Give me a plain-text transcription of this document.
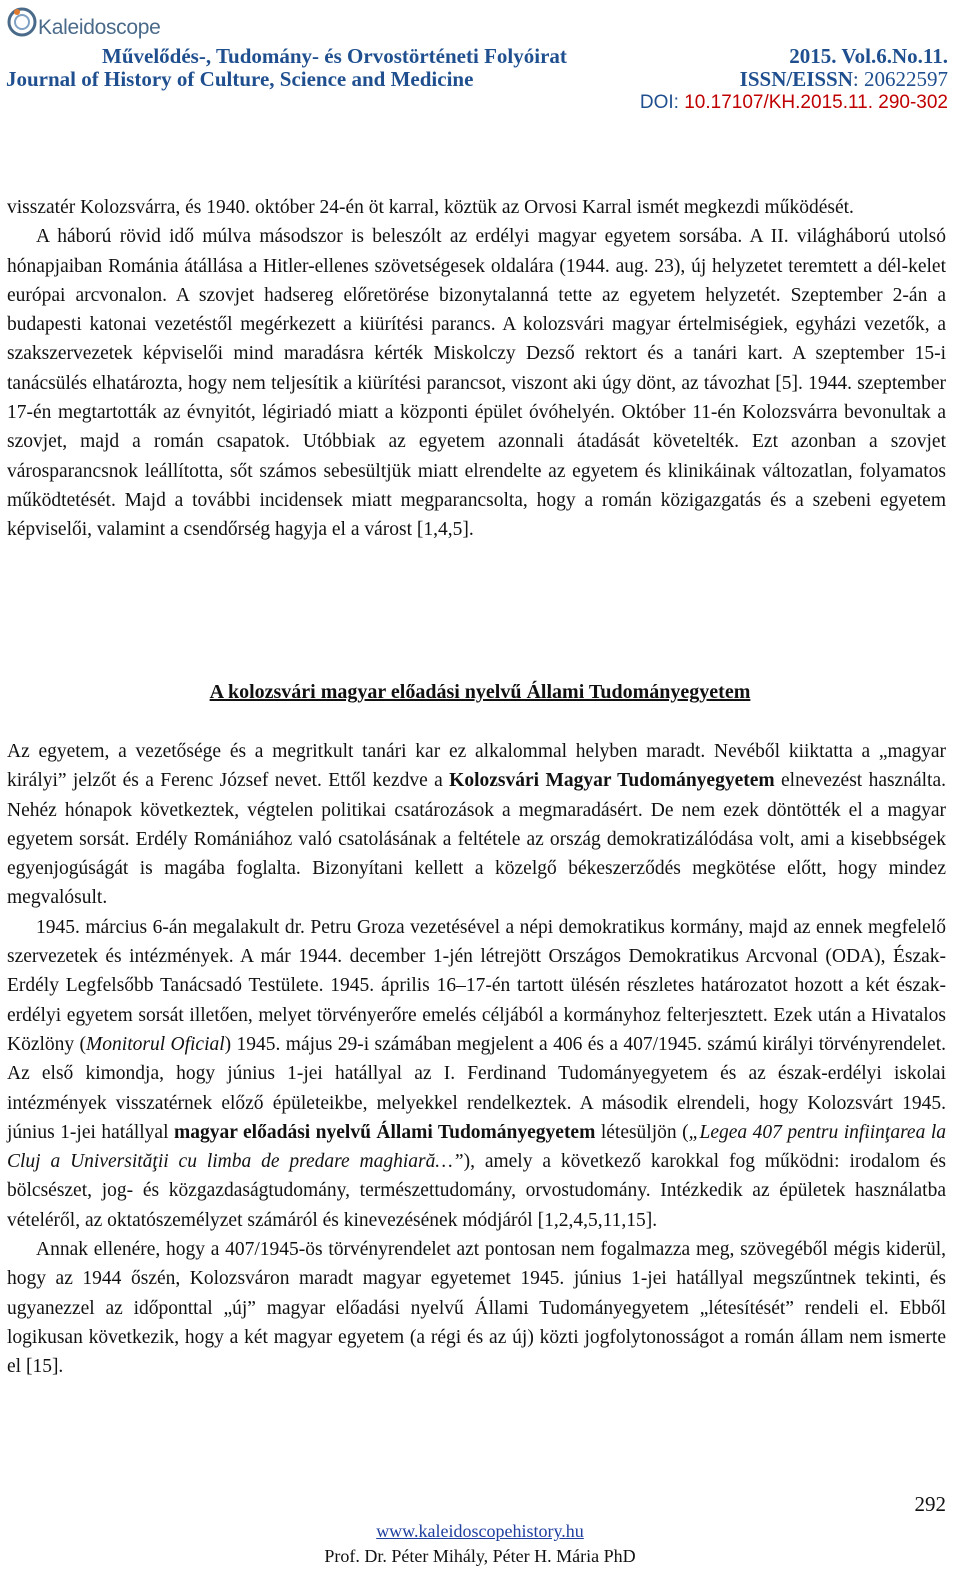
Kaleidoscope
Művelődés-, Tudomány- és Orvostörténeti Folyóirat
Journal of History of Culture, Science and Medicine
2015. Vol.6.No.11.
ISSN/EISSN: 20622597
DOI: 10.17107/KH.2015.11. 290-302

visszatér Kolozsvárra, és 1940. október 24-én öt karral, köztük az Orvosi Karral ismét megkezdi működését.

A háború rövid idő múlva másodszor is beleszólt az erdélyi magyar egyetem sorsába. A II. világháború utolsó hónapjaiban Románia átállása a Hitler-ellenes szövetségesek oldalára (1944. aug. 23), új helyzetet teremtett a dél-kelet európai arcvonalon. A szovjet hadsereg előretörése bizonytalanná tette az egyetem helyzetét. Szeptember 2-án a budapesti katonai vezetéstől megérkezett a kiürítési parancs. A kolozsvári magyar értelmiségiek, egyházi vezetők, a szakszervezetek képviselői mind maradásra kérték Miskolczy Dezső rektort és a tanári kart. A szeptember 15-i tanácsülés elhatározta, hogy nem teljesítik a kiürítési parancsot, viszont aki úgy dönt, az távozhat [5]. 1944. szeptember 17-én megtartották az évnyitót, légiriadó miatt a központi épület óvóhelyén. Október 11-én Kolozsvárra bevonultak a szovjet, majd a román csapatok. Utóbbiak az egyetem azonnali átadását követelték. Ezt azonban a szovjet városparancsnok leállította, sőt számos sebesültjük miatt elrendelte az egyetem és klinikáinak változatlan, folyamatos működtetését. Majd a további incidensek miatt megparancsolta, hogy a román közigazgatás és a szebeni egyetem képviselői, valamint a csendőrség hagyja el a várost [1,4,5].

A kolozsvári magyar előadási nyelvű Állami Tudományegyetem

Az egyetem, a vezetősége és a megritkult tanári kar ez alkalommal helyben maradt. Nevéből kiiktatta a „magyar királyi” jelzőt és a Ferenc József nevet. Ettől kezdve a Kolozsvári Magyar Tudományegyetem elnevezést használta. Nehéz hónapok következtek, végtelen politikai csatározások a megmaradásért. De nem ezek döntötték el a magyar egyetem sorsát. Erdély Romániához való csatolásának a feltétele az ország demokratizálódása volt, ami a kisebbségek egyenjogúságát is magába foglalta. Bizonyítani kellett a közelgő békeszerződés megkötése előtt, hogy mindez megvalósult.

1945. március 6-án megalakult dr. Petru Groza vezetésével a népi demokratikus kormány, majd az ennek megfelelő szervezetek és intézmények. A már 1944. december 1-jén létrejött Országos Demokratikus Arcvonal (ODA), Észak-Erdély Legfelsőbb Tanácsadó Testülete. 1945. április 16–17-én tartott ülésén részletes határozatot hozott a két észak-erdélyi egyetem sorsát illetően, melyet törvényerőre emelés céljából a kormányhoz felterjesztett. Ezek után a Hivatalos Közlöny (Monitorul Oficial) 1945. május 29-i számában megjelent a 406 és a 407/1945. számú királyi törvényrendelet. Az első kimondja, hogy június 1-jei hatállyal az I. Ferdinand Tudományegyetem és az észak-erdélyi iskolai intézmények visszatérnek előző épületeikbe, melyekkel rendelkeztek. A második elrendeli, hogy Kolozsvárt 1945. június 1-jei hatállyal magyar előadási nyelvű Állami Tudományegyetem létesüljön („Legea 407 pentru infiinţarea la Cluj a Universităţii cu limba de predare maghiară…”), amely a következő karokkal fog működni: irodalom és bölcsészet, jog- és közgazdaságtudomány, természettudomány, orvostudomány. Intézkedik az épületek használatba vételéről, az oktatószemélyzet számáról és kinevezésének módjáról [1,2,4,5,11,15].

Annak ellenére, hogy a 407/1945-ös törvényrendelet azt pontosan nem fogalmazza meg, szövegéből mégis kiderül, hogy az 1944 őszén, Kolozsváron maradt magyar egyetemet 1945. június 1-jei hatállyal megszűntnek tekinti, és ugyanezzel az időponttal „új” magyar előadási nyelvű Állami Tudományegyetem „létesítését” rendeli el. Ebből logikusan következik, hogy a két magyar egyetem (a régi és az új) közti jogfolytonosságot a román állam nem ismerte el [15].

292
www.kaleidoscopehistory.hu
Prof. Dr. Péter Mihály, Péter H. Mária PhD
